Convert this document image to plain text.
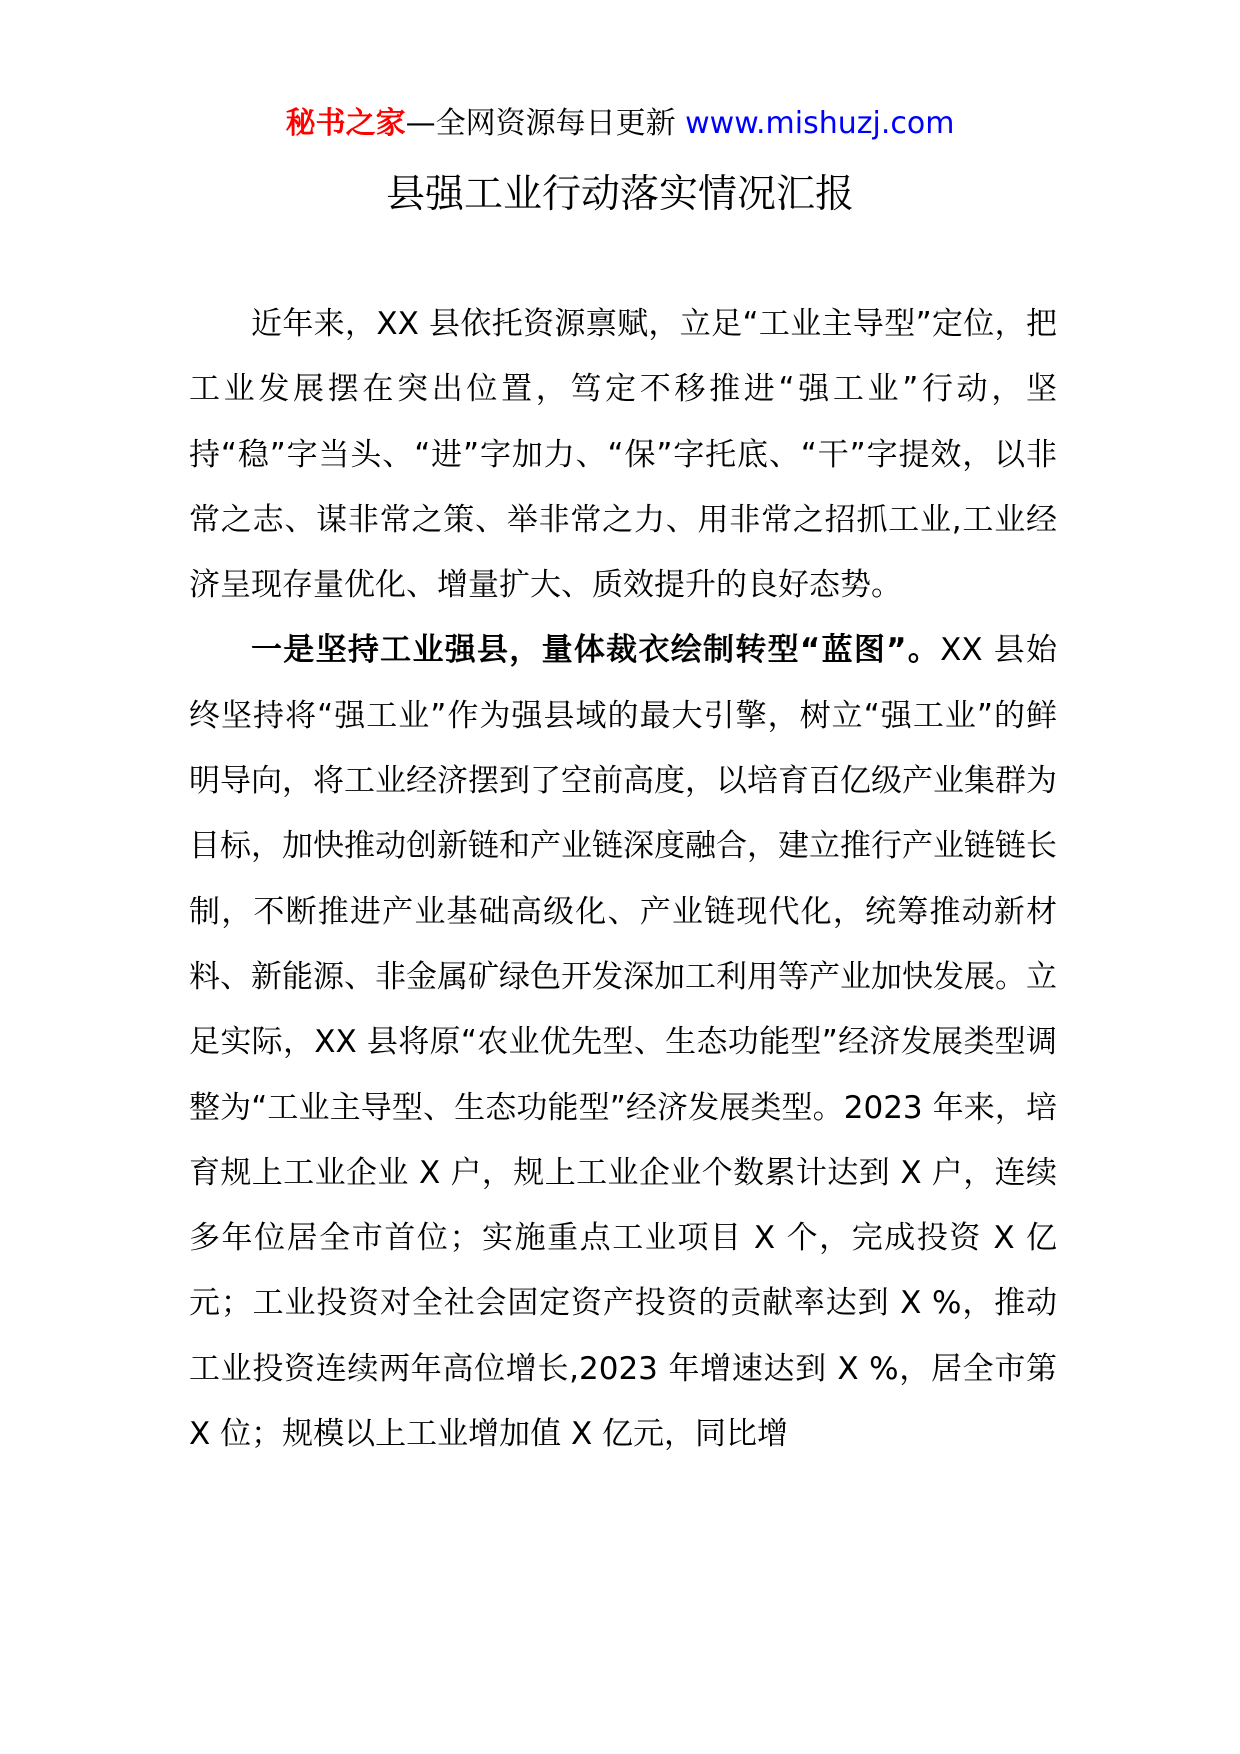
秘书之家—全网资源每日更新 www.mishuzj.com
县强工业行动落实情况汇报

近年来，XX 县依托资源禀赋，立足“工业主导型”定位，把工业发展摆在突出位置，笃定不移推进“强工业”行动，坚持“稳”字当头、“进”字加力、“保”字托底、“干”字提效，以非常之志、谋非常之策、举非常之力、用非常之招抓工业,工业经济呈现存量优化、增量扩大、质效提升的良好态势。

一是坚持工业强县，量体裁衣绘制转型“蓝图”。XX 县始终坚持将“强工业”作为强县域的最大引擎，树立“强工业”的鲜明导向，将工业经济摆到了空前高度，以培育百亿级产业集群为目标，加快推动创新链和产业链深度融合，建立推行产业链链长制，不断推进产业基础高级化、产业链现代化，统筹推动新材料、新能源、非金属矿绿色开发深加工利用等产业加快发展。立足实际，XX 县将原“农业优先型、生态功能型”经济发展类型调整为“工业主导型、生态功能型”经济发展类型。2023 年来，培育规上工业企业 X 户，规上工业企业个数累计达到 X 户，连续多年位居全市首位；实施重点工业项目 X 个，完成投资 X 亿元；工业投资对全社会固定资产投资的贡献率达到 X %，推动工业投资连续两年高位增长,2023 年增速达到 X %，居全市第 X 位；规模以上工业增加值 X 亿元，同比增
